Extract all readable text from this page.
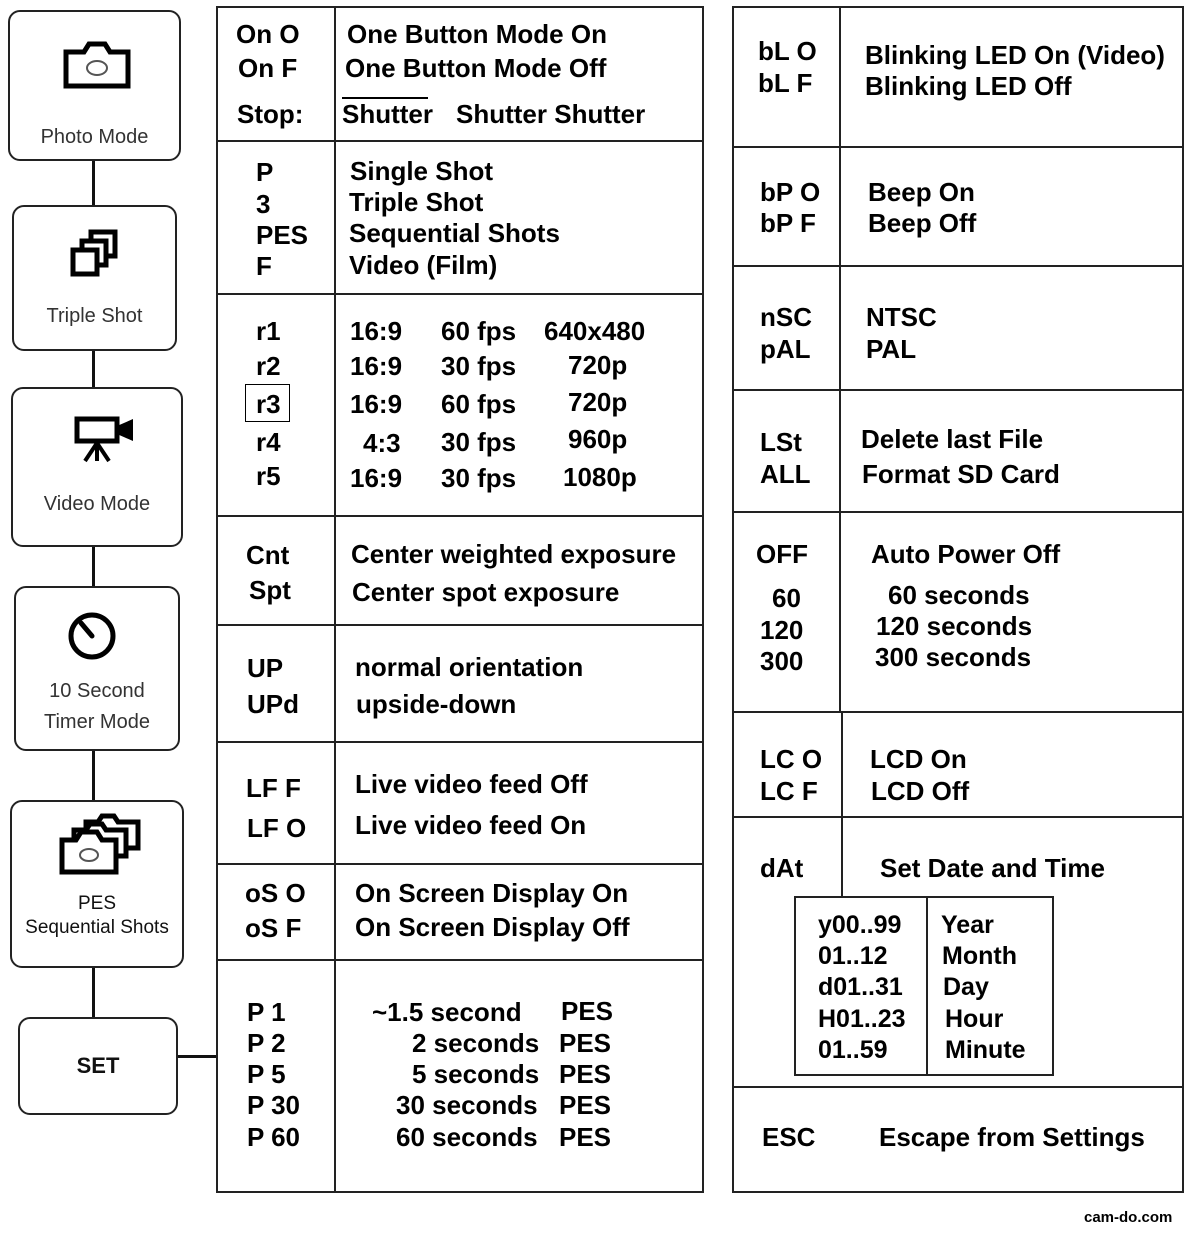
Photo Mode
Triple Shot
Video Mode
10 Second
Timer Mode
PES
Sequential Shots
SET
On O
On F
Stop:
One Button Mode On
One Button Mode Off
Shutter Shutter Shutter
P
3
PES
F
Single Shot
Triple Shot
Sequential Shots
Video (Film)
r1
r2
r3
r4
r5
16:9
16:9
16:9
4:3
16:9
60 fps
30 fps
60 fps
30 fps
30 fps
640x480
720p
720p
960p
1080p
Cnt
Spt
Center weighted exposure
Center spot exposure
UP
UPd
normal orientation
upside-down
LF F
LF O
Live video feed Off
Live video feed On
oS O
oS F
On Screen Display On
On Screen Display Off
P 1
P 2
P 5
P 30
P 60
~1.5 second
2 seconds
5 seconds
30 seconds
60 seconds
PES
PES
PES
PES
PES
bL O
bL F
Blinking LED On (Video)
Blinking LED Off
bP O
bP F
Beep On
Beep Off
nSC
pAL
NTSC
PAL
LSt
ALL
Delete last File
Format SD Card
OFF
60
120
300
Auto Power Off
60 seconds
120 seconds
300 seconds
LC O
LC F
LCD On
LCD Off
dAt	Set Date and Time
y00..99
01..12
d01..31
H01..23
01..59
Year
Month
Day
Hour
Minute
ESC Escape from Settings
cam-do.com
